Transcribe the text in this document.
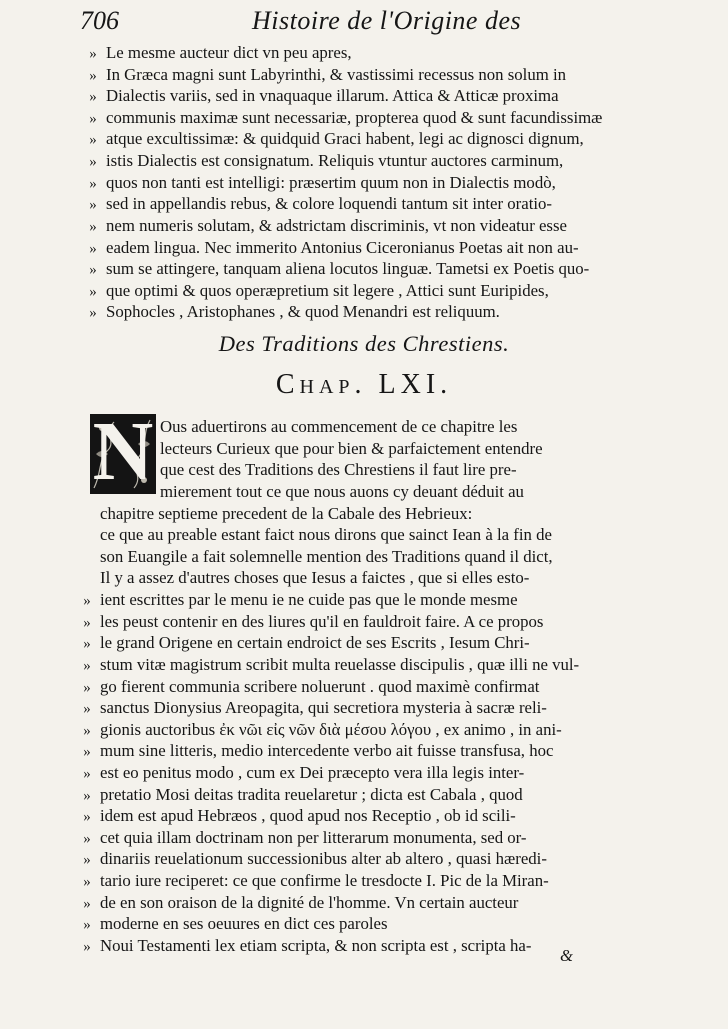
706	Histoire de l'Origine des
» Le mesme aucteur dict vn peu apres,
» In Græca magni sunt Labyrinthi, & vastissimi recessus non solum in
» Dialectis variis, sed in vnaquaque illarum. Attica & Atticæ proxima
» communis maximæ sunt necessariæ, propterea quod & sunt facundissimæ
» atque excultissimæ: & quidquid Graci habent, legi ac dignosci dignum,
» istis Dialectis est consignatum. Reliquis vtuntur auctores carminum,
» quos non tanti est intelligi: præsertim quum non in Dialectis modò,
» sed in appellandis rebus, & colore loquendi tantum sit inter oratio-
» nem numeris solutam, & adstrictam discriminis, vt non videatur esse
» eadem lingua. Nec immerito Antonius Ciceronianus Poetas ait non au-
» sum se attingere, tanquam aliena locutos linguæ. Tametsi ex Poetis quo-
» que optimi & quos operæpretium sit legere , Attici sunt Euripides,
» Sophocles , Aristophanes , & quod Menandri est reliquum.
Des Traditions des Chrestiens.
Chap. LXI.
N Ous aduertirons au commencement de ce chapitre les
lecteurs Curieux que pour bien & parfaictement entendre
que cest des Traditions des Chrestiens il faut lire pre-
mierement tout ce que nous auons cy deuant déduit au
chapitre septieme precedent de la Cabale des Hebrieux:
ce que au preable estant faict nous dirons que sainct Iean à la fin de
son Euangile a fait solemnelle mention des Traditions quand il dict,
Il y a assez d'autres choses que Iesus a faictes , que si elles esto-
» ient escrittes par le menu ie ne cuide pas que le monde mesme
» les peust contenir en des liures qu'il en fauldroit faire. A ce propos
» le grand Origene en certain endroict de ses Escrits , Iesum Chri-
» stum vitæ magistrum scribit multa reuelasse discipulis , quæ illi ne vul-
» go fierent communia scribere noluerunt . quod maximè confirmat
» sanctus Dionysius Areopagita, qui secretiora mysteria à sacræ reli-
» gionis auctoribus ἐκ νῶι εἰς νῶν διὰ μέσου λόγου , ex animo , in ani-
» mum sine litteris, medio intercedente verbo ait fuisse transfusa, hoc
» est eo penitus modo , cum ex Dei præcepto vera illa legis inter-
» pretatio Mosi deitas tradita reuelaretur ; dicta est Cabala , quod
» idem est apud Hebræos , quod apud nos Receptio , ob id scili-
» cet quia illam doctrinam non per litterarum monumenta, sed or-
» dinariis reuelationum successionibus alter ab altero , quasi hæredi-
» tario iure reciperet: ce que confirme le tresdocte I. Pic de la Miran-
» de en son oraison de la dignité de l'homme. Vn certain aucteur
» moderne en ses oeuures en dict ces paroles
» Noui Testamenti lex etiam scripta, & non scripta est , scripta ha-
&
